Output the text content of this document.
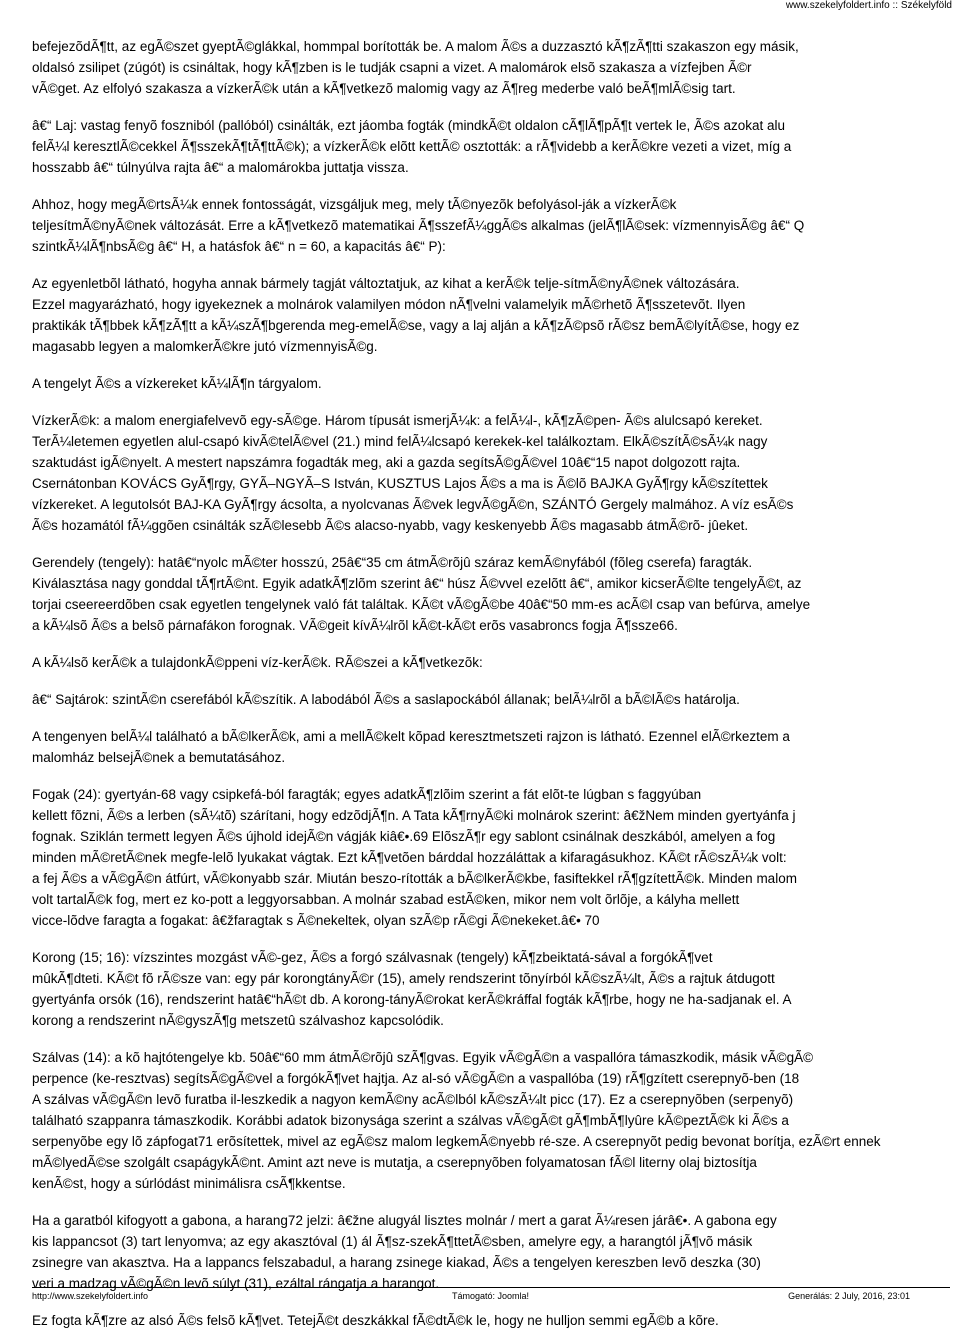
www.szekelyfoldert.info :: Székelyföld
befejezõdÃ¶tt, az egÃ©szet gyeptÃ©glákkal, hommpal borították be. A malom Ã©s a duzzasztó kÃ¶zÃ¶tti szakaszon egy másik,
oldalsó zsilipet (zúgót) is csináltak, hogy kÃ¶zben is le tudják csapni a vizet. A malomárok elsõ szakasza a vízfejben Ã©r
vÃ©get. Az elfolyó szakasza a vízkerÃ©k után a kÃ¶vetkezõ malomig vagy az Ã¶reg mederbe való beÃ¶mlÃ©sig tart.
â€“ Laj: vastag fenyõ foszniból (pallóból) csinálták, ezt jáomba fogták (mindkÃ©t oldalon cÃ¶lÃ¶pÃ¶t vertek le, Ã©s azokat alu
felÃ¼l keresztlÃ©cekkel Ã¶sszekÃ¶tÃ¶ttÃ©k); a vízkerÃ©k elõtt kettÃ© osztották: a rÃ¶videbb a kerÃ©kre vezeti a vizet, míg a
hosszabb â€“ túlnyúlva rajta â€“ a malomárokba juttatja vissza.
Ahhoz, hogy megÃ©rtsÃ¼k ennek fontosságát, vizsgáljuk meg, mely tÃ©nyezõk befolyásol-ják a vízkerÃ©k
teljesítmÃ©nyÃ©nek változását. Erre a kÃ¶vetkezõ matematikai Ã¶sszefÃ¼ggÃ©s alkalmas (jelÃ¶lÃ©sek: vízmennyisÃ©g â€“ Q
szintkÃ¼lÃ¶nbsÃ©g â€“ H, a hatásfok â€“ n = 60, a kapacitás â€“ P):
Az egyenletbõl látható, hogyha annak bármely tagját változtatjuk, az kihat a kerÃ©k telje-sítmÃ©nyÃ©nek változására.
Ezzel magyarázható, hogy igyekeznek a molnárok valamilyen módon nÃ¶velni valamelyik mÃ©rhetõ Ã¶sszetevõt. Ilyen
praktikák tÃ¶bbek kÃ¶zÃ¶tt a kÃ¼szÃ¶bgerenda meg-emelÃ©se, vagy a laj alján a kÃ¶zÃ©psõ rÃ©sz bemÃ©lyítÃ©se, hogy ez
magasabb legyen a malomkerÃ©kre jutó vízmennyisÃ©g.
A tengelyt Ã©s a vízkereket kÃ¼lÃ¶n tárgyalom.
VízkerÃ©k: a malom energiafelvevõ egy-sÃ©ge. Három típusát ismerjÃ¼k: a felÃ¼l-, kÃ¶zÃ©pen- Ã©s alulcsapó kereket.
TerÃ¼letemen egyetlen alul-csapó kivÃ©telÃ©vel (21.) mind felÃ¼lcsapó kerekek-kel találkoztam. ElkÃ©szítÃ©sÃ¼k nagy
szaktudást igÃ©nyelt. A mestert napszámra fogadták meg, aki a gazda segítsÃ©gÃ©vel 10â€“15 napot dolgozott rajta.
Csernátonban KOVÁCS GyÃ¶rgy, GYÃ–NGYÃ–S István, KUSZTUS Lajos Ã©s a ma is Ã©lõ BAJKA GyÃ¶rgy kÃ©szítettek
vízkereket. A legutolsót BAJ-KA GyÃ¶rgy ácsolta, a nyolcvanas Ã©vek legvÃ©gÃ©n, SZÁNTÓ Gergely malmához. A víz esÃ©s
Ã©s hozamától fÃ¼ggõen csinálták szÃ©lesebb Ã©s alacso-nyabb, vagy keskenyebb Ã©s magasabb átmÃ©rõ- jûeket.
Gerendely (tengely): hatâ€“nyolc mÃ©ter hosszú, 25â€“35 cm átmÃ©rõjû száraz kemÃ©nyfából (fõleg cserefa) faragták.
Kiválasztása nagy gonddal tÃ¶rtÃ©nt. Egyik adatkÃ¶zlõm szerint â€“ húsz Ã©vvel ezelõtt â€“, amikor kicserÃ©lte tengelyÃ©t, az
torjai cseereerdõben csak egyetlen tengelynek való fát találtak. KÃ©t vÃ©gÃ©be 40â€“50 mm-es acÃ©l csap van befúrva, amelye
a kÃ¼lsõ Ã©s a belsõ párnafákon forognak. VÃ©geit kívÃ¼lrõl kÃ©t-kÃ©t erõs vasabroncs fogja Ã¶ssze66.
A kÃ¼lsõ kerÃ©k a tulajdonkÃ©ppeni víz-kerÃ©k. RÃ©szei a kÃ¶vetkezõk:
â€“ Sajtárok: szintÃ©n cserefából kÃ©szítik. A labodából Ã©s a saslapockából állanak; belÃ¼lrõl a bÃ©lÃ©s határolja.
A tengenyen belÃ¼l található a bÃ©lkerÃ©k, ami a mellÃ©kelt kõpad keresztmetszeti rajzon is látható. Ezennel elÃ©rkeztem a
malomház belsejÃ©nek a bemutatásához.
Fogak (24): gyertyán-68 vagy csipkefá-ból faragták; egyes adatkÃ¶zlõim szerint a fát elõt-te lúgban s faggyúban
kellett fõzni, Ã©s a lerben (sÃ¼tõ) szárítani, hogy edzõdjÃ¶n. A Tata kÃ¶rnyÃ©ki molnárok szerint: â€žNem minden gyertyánfa j
fognak. Sziklán termett legyen Ã©s újhold idejÃ©n vágják kiâ€•.69 ElõszÃ¶r egy sablont csinálnak deszkából, amelyen a fog
minden mÃ©retÃ©nek megfe-lelõ lyukakat vágtak. Ezt kÃ¶vetõen bárddal hozzáláttak a kifaragásukhoz. KÃ©t rÃ©szÃ¼k volt:
a fej Ã©s a vÃ©gÃ©n átfúrt, vÃ©konyabb szár. Miután beszo-rították a bÃ©lkerÃ©kbe, fasiftekkel rÃ¶gzítettÃ©k. Minden malom
volt tartalÃ©k fog, mert ez ko-pott a leggyorsabban. A molnár szabad estÃ©ken, mikor nem volt õrlõje, a kályha mellett
vicce-lõdve faragta a fogakat: â€žfaragtak s Ã©nekeltek, olyan szÃ©p rÃ©gi Ã©nekeket.â€• 70
Korong (15; 16): vízszintes mozgást vÃ©-gez, Ã©s a forgó szálvasnak (tengely) kÃ¶zbeiktatá-sával a forgókÃ¶vet
mûkÃ¶dteti. KÃ©t fõ rÃ©sze van: egy pár korongtányÃ©r (15), amely rendszerint tõnyírból kÃ©szÃ¼lt, Ã©s a rajtuk átdugott
gyertyánfa orsók (16), rendszerint hatâ€“hÃ©t db. A korong-tányÃ©rokat kerÃ©kráffal fogták kÃ¶rbe, hogy ne ha-sadjanak el. A
korong a rendszerint nÃ©gyszÃ¶g metszetû szálvashoz kapcsolódik.
Szálvas (14): a kõ hajtótengelye kb. 50â€“60 mm átmÃ©rõjû szÃ¶gvas. Egyik vÃ©gÃ©n a vaspallóra támaszkodik, másik vÃ©gÃ©
perpence (ke-resztvas) segítsÃ©gÃ©vel a forgókÃ¶vet hajtja. Az al-só vÃ©gÃ©n a vaspallóba (19) rÃ¶gzített cserepnyõ-ben (18
A szálvas vÃ©gÃ©n levõ furatba il-leszkedik a nagyon kemÃ©ny acÃ©lból kÃ©szÃ¼lt picc (17). Ez a cserepnyõben (serpenyõ)
található szappanra támaszkodik. Korábbi adatok bizonysága szerint a szálvas vÃ©gÃ©t gÃ¶mbÃ¶lyûre kÃ©peztÃ©k ki Ã©s a
serpenyõbe egy lõ zápfogat71 erõsítettek, mivel az egÃ©sz malom legkemÃ©nyebb ré-sze. A cserepnyõt pedig bevonat borítja, ezÃ©rt ennek
mÃ©lyedÃ©se szolgált csapágykÃ©nt. Amint azt neve is mutatja, a cserepnyõben folyamatosan fÃ©l literny olaj biztosítja
kenÃ©st, hogy a súrlódást minimálisra csÃ¶kkentse.
Ha a garatból kifogyott a gabona, a harang72 jelzi: â€žne alugyál lisztes molnár / mert a garat Ã¼resen járâ€•. A gabona egy
kis lappancsot (3) tart lenyomva; az egy akasztóval (1) ál Ã¶sz-szekÃ¶ttetÃ©sben, amelyre egy, a harangtól jÃ¶võ másik
zsinegre van akasztva. Ha a lappancs felszabadul, a harang zsinege kiakad, Ã©s a tengelyen kereszben levõ deszka (30)
veri a madzag vÃ©gÃ©n levõ súlyt (31), ezáltal rángatja a harangot.
Ez fogta kÃ¶zre az alsó Ã©s felsõ kÃ¶vet. TetejÃ©t deszkákkal fÃ©dtÃ©k le, hogy ne hulljon semmi egÃ©b a kõre.
http://www.szekelyfoldert.info	Támogató: Joomla!	Generálás: 2 July, 2016, 23:01
